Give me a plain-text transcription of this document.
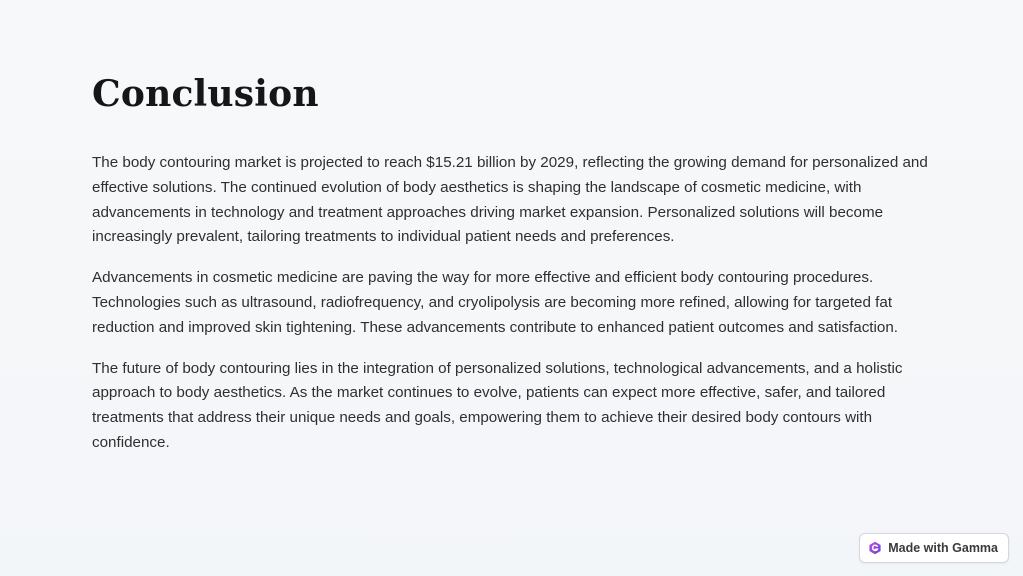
Conclusion

The body contouring market is projected to reach $15.21 billion by 2029, reflecting the growing demand for personalized and effective solutions. The continued evolution of body aesthetics is shaping the landscape of cosmetic medicine, with advancements in technology and treatment approaches driving market expansion. Personalized solutions will become increasingly prevalent, tailoring treatments to individual patient needs and preferences.

Advancements in cosmetic medicine are paving the way for more effective and efficient body contouring procedures. Technologies such as ultrasound, radiofrequency, and cryolipolysis are becoming more refined, allowing for targeted fat reduction and improved skin tightening. These advancements contribute to enhanced patient outcomes and satisfaction.

The future of body contouring lies in the integration of personalized solutions, technological advancements, and a holistic approach to body aesthetics. As the market continues to evolve, patients can expect more effective, safer, and tailored treatments that address their unique needs and goals, empowering them to achieve their desired body contours with confidence.

Made with Gamma
